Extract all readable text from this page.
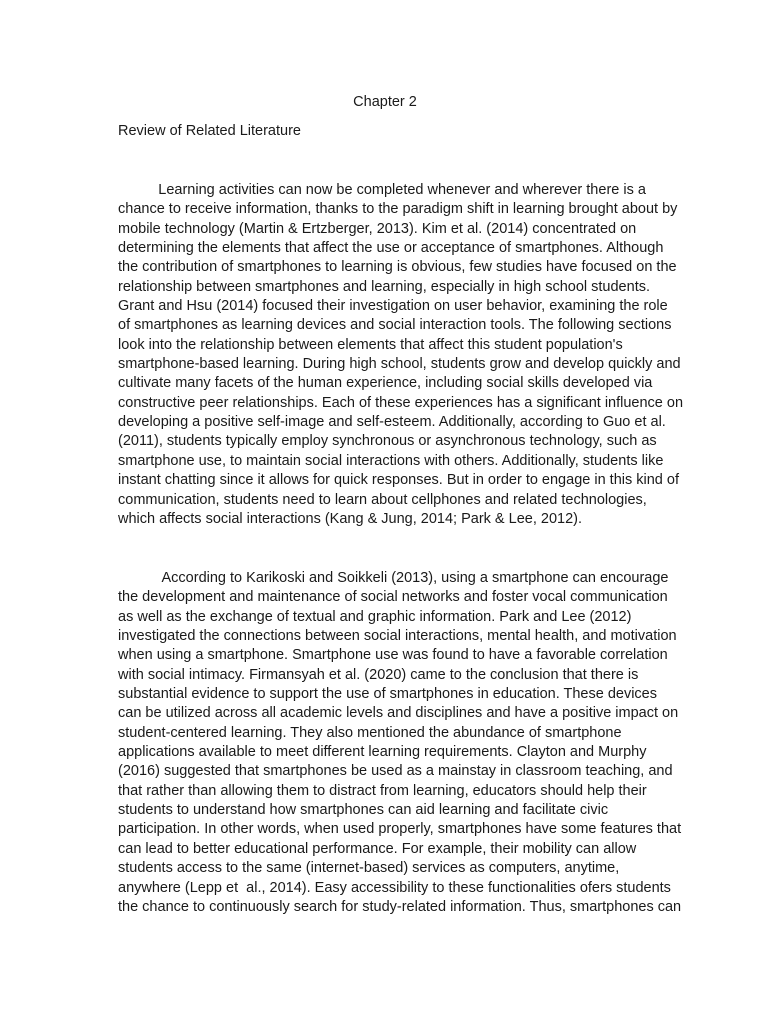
Chapter 2
Review of Related Literature
Learning activities can now be completed whenever and wherever there is a
chance to receive information, thanks to the paradigm shift in learning brought about by
mobile technology (Martin & Ertzberger, 2013). Kim et al. (2014) concentrated on
determining the elements that affect the use or acceptance of smartphones. Although
the contribution of smartphones to learning is obvious, few studies have focused on the
relationship between smartphones and learning, especially in high school students.
Grant and Hsu (2014) focused their investigation on user behavior, examining the role
of smartphones as learning devices and social interaction tools. The following sections
look into the relationship between elements that affect this student population's
smartphone-based learning. During high school, students grow and develop quickly and
cultivate many facets of the human experience, including social skills developed via
constructive peer relationships. Each of these experiences has a significant influence on
developing a positive self-image and self-esteem. Additionally, according to Guo et al.
(2011), students typically employ synchronous or asynchronous technology, such as
smartphone use, to maintain social interactions with others. Additionally, students like
instant chatting since it allows for quick responses. But in order to engage in this kind of
communication, students need to learn about cellphones and related technologies,
which affects social interactions (Kang & Jung, 2014; Park & Lee, 2012).
According to Karikoski and Soikkeli (2013), using a smartphone can encourage
the development and maintenance of social networks and foster vocal communication
as well as the exchange of textual and graphic information. Park and Lee (2012)
investigated the connections between social interactions, mental health, and motivation
when using a smartphone. Smartphone use was found to have a favorable correlation
with social intimacy. Firmansyah et al. (2020) came to the conclusion that there is
substantial evidence to support the use of smartphones in education. These devices
can be utilized across all academic levels and disciplines and have a positive impact on
student-centered learning. They also mentioned the abundance of smartphone
applications available to meet different learning requirements. Clayton and Murphy
(2016) suggested that smartphones be used as a mainstay in classroom teaching, and
that rather than allowing them to distract from learning, educators should help their
students to understand how smartphones can aid learning and facilitate civic
participation. In other words, when used properly, smartphones have some features that
can lead to better educational performance. For example, their mobility can allow
students access to the same (internet-based) services as computers, anytime,
anywhere (Lepp et  al., 2014). Easy accessibility to these functionalities ofers students
the chance to continuously search for study-related information. Thus, smartphones can
